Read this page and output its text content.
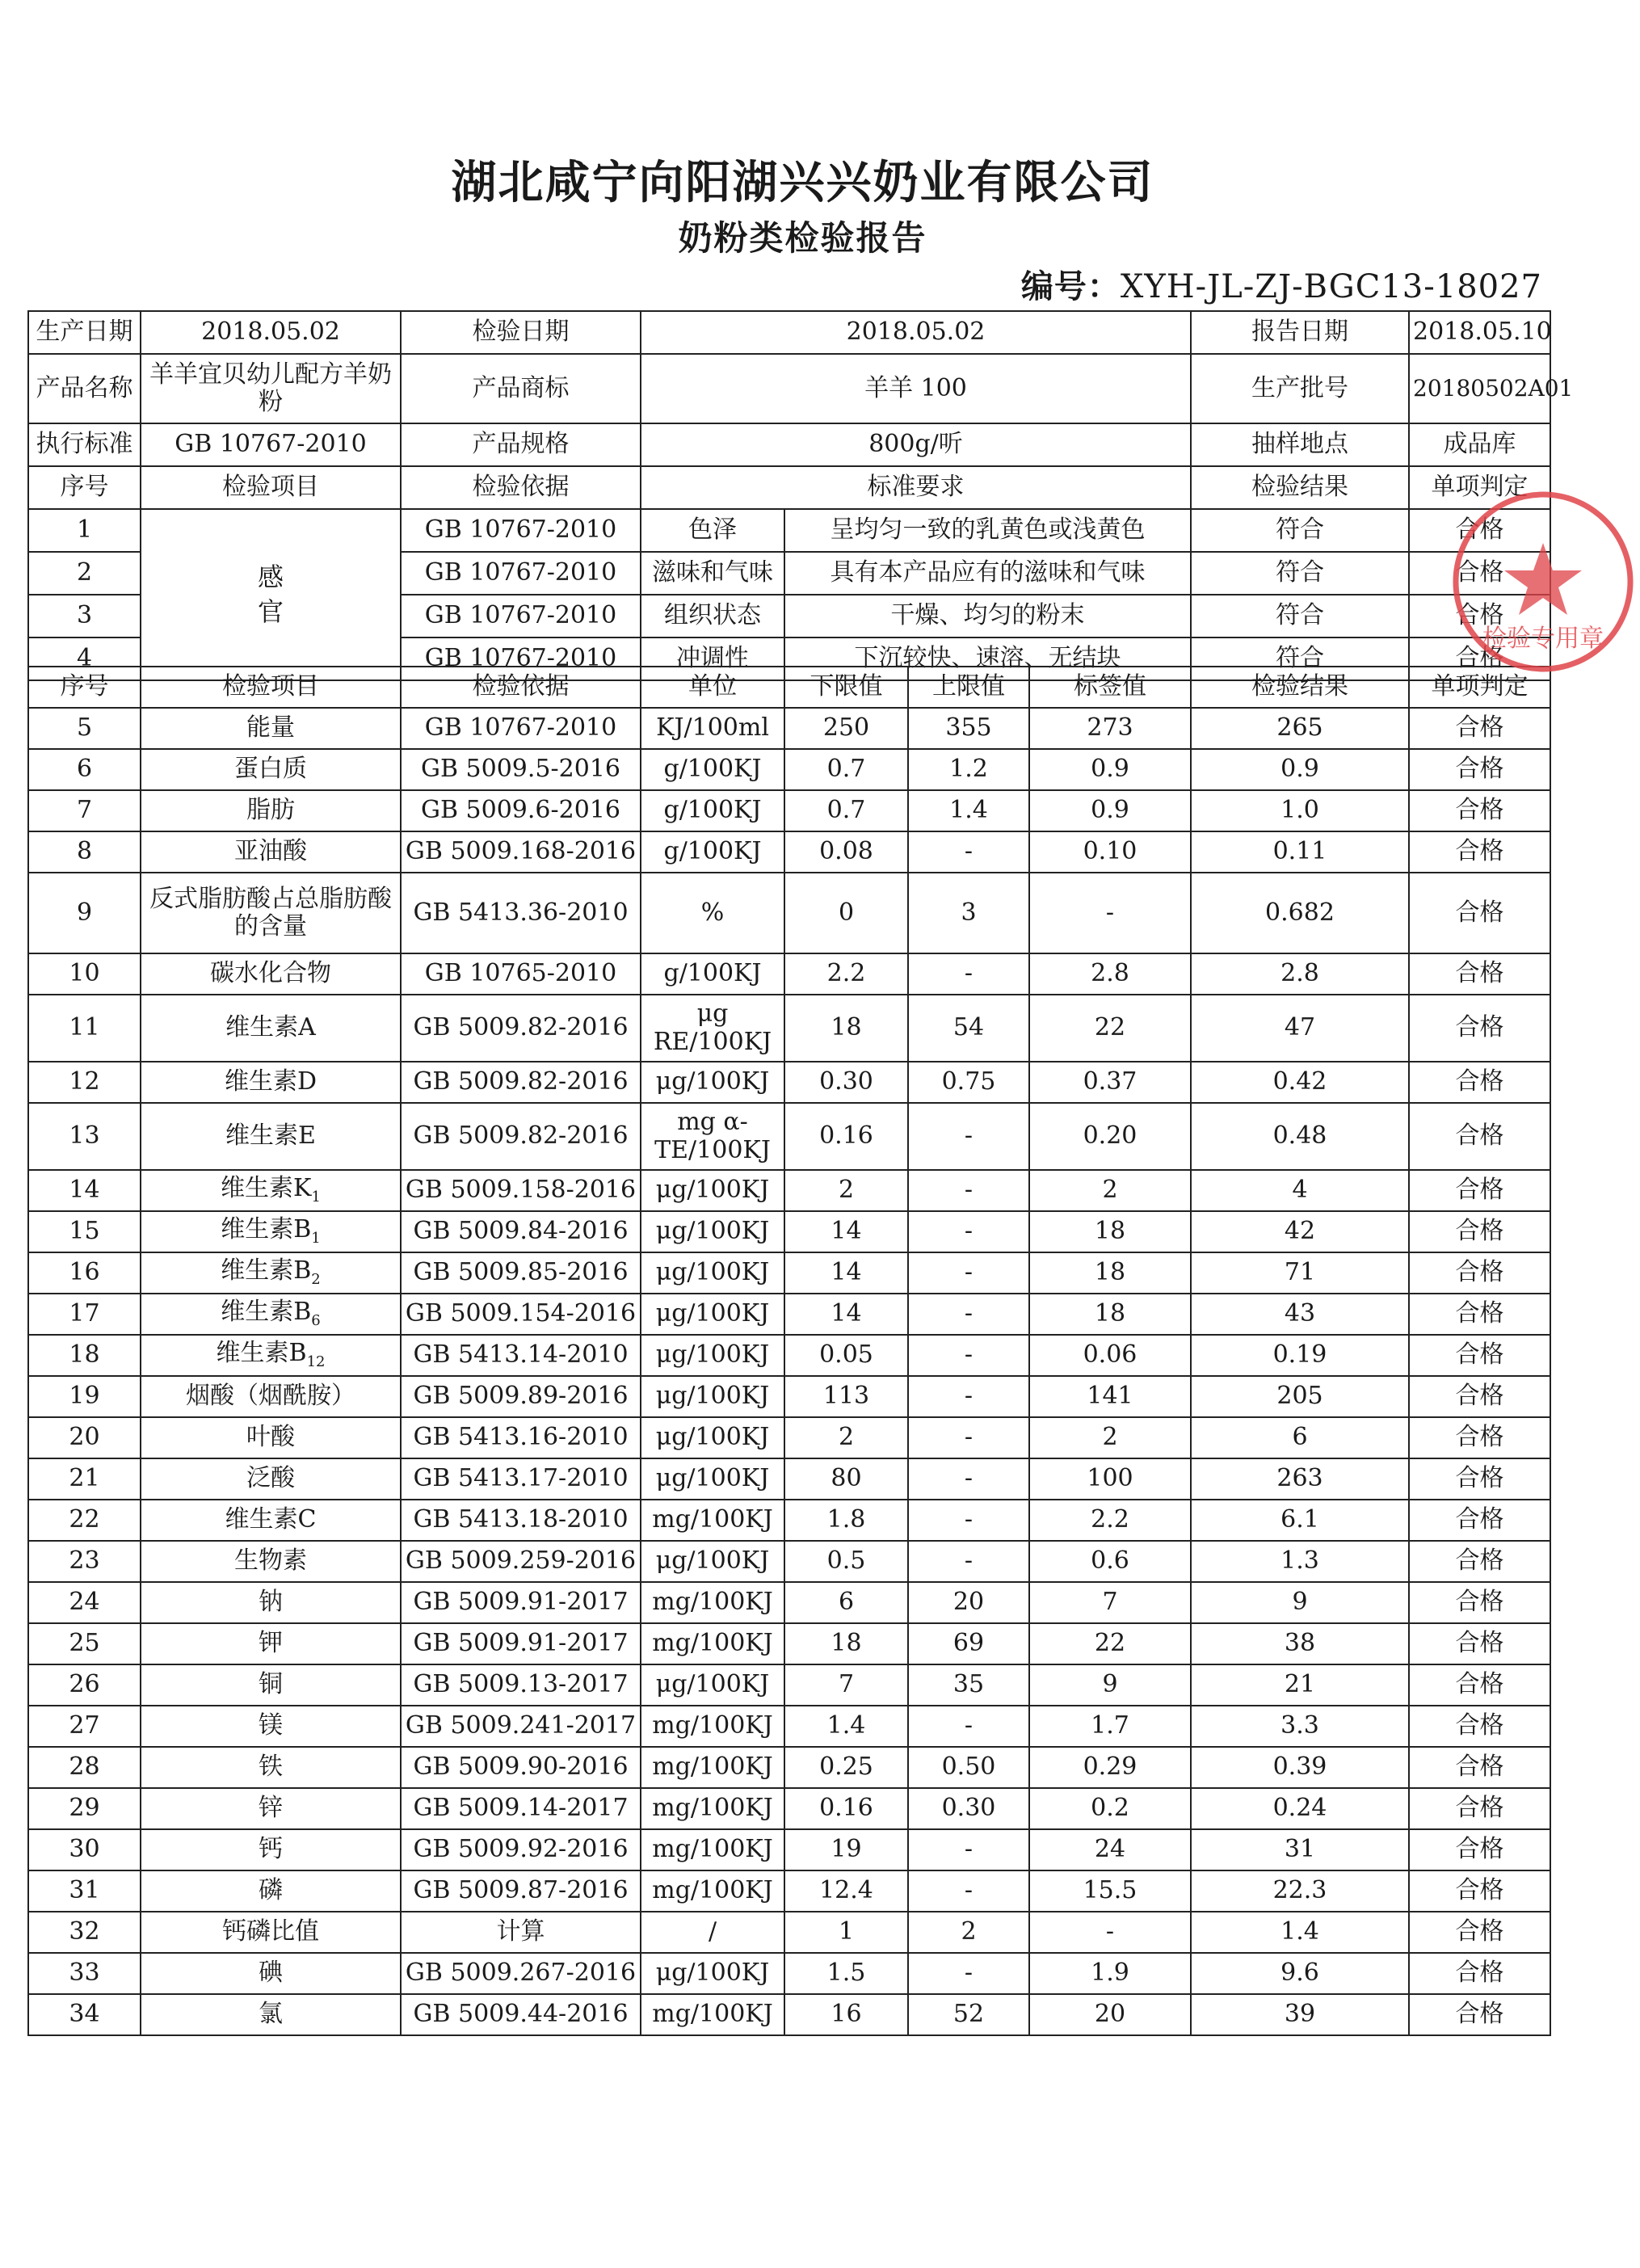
湖北咸宁向阳湖兴兴奶业有限公司
奶粉类检验报告
编号：XYH-JL-ZJ-BGC13-18027
生产日期	2018.05.02	检验日期	2018.05.02		报告日期	2018.05.10
产品名称	羊羊宜贝幼儿配方羊奶粉	产品商标	羊羊 100		生产批号	20180502A01
执行标准	GB 10767-2010	产品规格	800g/听		抽样地点	成品库
序号	检验项目	检验依据	标准要求		检验结果	单项判定
1	感官	GB 10767-2010	色泽	呈均匀一致的乳黄色或浅黄色	符合	合格
2		GB 10767-2010	滋味和气味	具有本产品应有的滋味和气味	符合	合格
3		GB 10767-2010	组织状态	干燥、均匀的粉末	符合	合格
4		GB 10767-2010	冲调性	下沉较快、速溶、无结块	符合	合格
序号	检验项目	检验依据	单位	下限值	上限值	标签值	检验结果	单项判定
5	能量	GB 10767-2010	KJ/100ml	250	355	273	265	合格
6	蛋白质	GB 5009.5-2016	g/100KJ	0.7	1.2	0.9	0.9	合格
7	脂肪	GB 5009.6-2016	g/100KJ	0.7	1.4	0.9	1.0	合格
8	亚油酸	GB 5009.168-2016	g/100KJ	0.08	-	0.10	0.11	合格
9	反式脂肪酸占总脂肪酸的含量	GB 5413.36-2010	%	0	3	-	0.682	合格
10	碳水化合物	GB 10765-2010	g/100KJ	2.2	-	2.8	2.8	合格
11	维生素A	GB 5009.82-2016	μg RE/100KJ	18	54	22	47	合格
12	维生素D	GB 5009.82-2016	μg/100KJ	0.30	0.75	0.37	0.42	合格
13	维生素E	GB 5009.82-2016	mg α-TE/100KJ	0.16	-	0.20	0.48	合格
14	维生素$K_1$	GB 5009.158-2016	μg/100KJ	2	-	2	4	合格
15	维生素$B_1$	GB 5009.84-2016	μg/100KJ	14	-	18	42	合格
16	维生素$B_2$	GB 5009.85-2016	μg/100KJ	14	-	18	71	合格
17	维生素$B_6$	GB 5009.154-2016	μg/100KJ	14	-	18	43	合格
18	维生素$B_{12}$	GB 5413.14-2010	μg/100KJ	0.05	-	0.06	0.19	合格
19	烟酸（烟酰胺）	GB 5009.89-2016	μg/100KJ	113	-	141	205	合格
20	叶酸	GB 5413.16-2010	μg/100KJ	2	-	2	6	合格
21	泛酸	GB 5413.17-2010	μg/100KJ	80	-	100	263	合格
22	维生素C	GB 5413.18-2010	mg/100KJ	1.8	-	2.2	6.1	合格
23	生物素	GB 5009.259-2016	μg/100KJ	0.5	-	0.6	1.3	合格
24	钠	GB 5009.91-2017	mg/100KJ	6	20	7	9	合格
25	钾	GB 5009.91-2017	mg/100KJ	18	69	22	38	合格
26	铜	GB 5009.13-2017	μg/100KJ	7	35	9	21	合格
27	镁	GB 5009.241-2017	mg/100KJ	1.4	-	1.7	3.3	合格
28	铁	GB 5009.90-2016	mg/100KJ	0.25	0.50	0.29	0.39	合格
29	锌	GB 5009.14-2017	mg/100KJ	0.16	0.30	0.2	0.24	合格
30	钙	GB 5009.92-2016	mg/100KJ	19	-	24	31	合格
31	磷	GB 5009.87-2016	mg/100KJ	12.4	-	15.5	22.3	合格
32	钙磷比值	计算	/	1	2	-	1.4	合格
33	碘	GB 5009.267-2016	μg/100KJ	1.5	-	1.9	9.6	合格
34	氯	GB 5009.44-2016	mg/100KJ	16	52	20	39	合格
检验专用章
